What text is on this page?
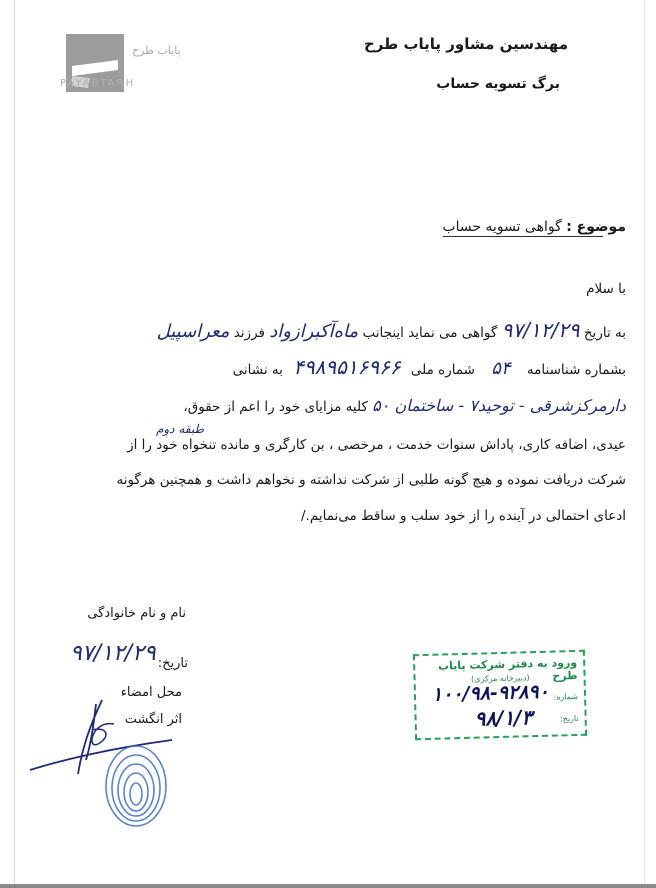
پایاب طرح
PAYABTARH
مهندسین مشاور پایاب طرح
برگ تسویه حساب
موضوع : گواهی تسویه حساب
با سلام
به تاریخ ۹۷/۱۲/۲۹ گواهی می نماید اینجانب ماه‌آکبرازواد فرزند معراسپیل
بشماره شناسنامه ۵۴ شماره ملی ۴۹۸۹۵۱۶۹۶۶ به نشانی
دارمرکزشرقی - توحید۷ - ساختمان ۵۰ کلیه مزایای خود را اعم از حقوق،
طبقه دوم
عیدی، اضافه کاری، پاداش سنوات خدمت ، مرخصی ، بن کارگری و مانده تنخواه خود را از
شرکت دریافت نموده و هیچ گونه طلبی از شرکت نداشته و نخواهم داشت و همچنین هرگونه
ادعای احتمالی در آینده را از خود سلب و ساقط می‌نمایم./
نام و نام خانوادگی
تاریخ:
۹۷/۱۲/۲۹
محل امضاء
اثر انگشت
ورود به دفتر شرکت پایاب طرح
(دبیرخانه مرکزی)
شماره:
تاریخ:
۱۰۰/۹۸-۹۲۸۹۰
۹۸/۱/۳
